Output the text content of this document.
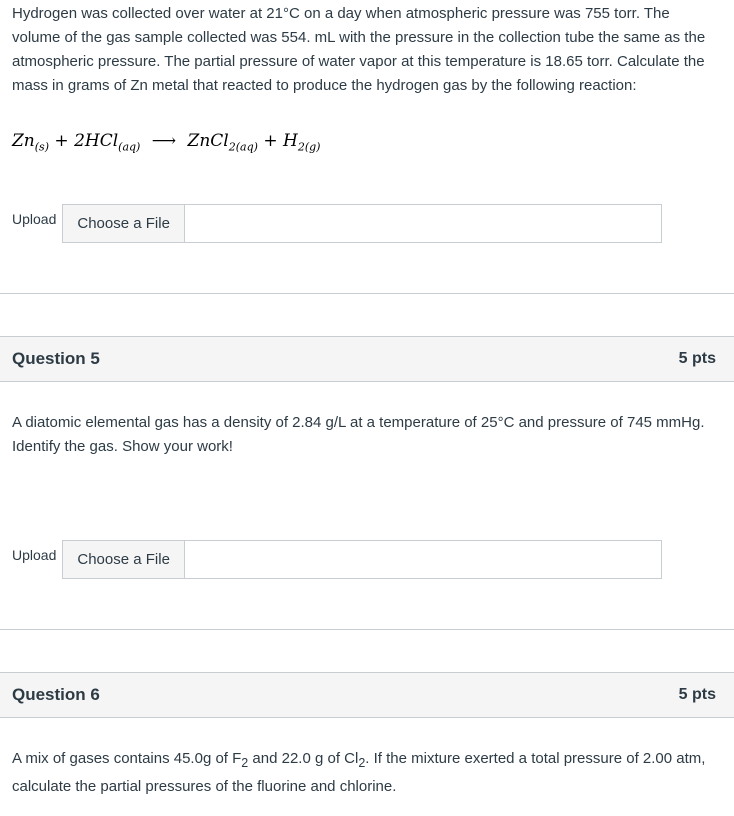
Hydrogen was collected over water at 21°C on a day when atmospheric pressure was 755 torr. The volume of the gas sample collected was 554. mL with the pressure in the collection tube the same as the atmospheric pressure. The partial pressure of water vapor at this temperature is 18.65 torr. Calculate the mass in grams of Zn metal that reacted to produce the hydrogen gas by the following reaction:
$Zn_{(s)} + 2HCl_{(aq)}$ ⟶ ZnCl$_{2(aq)}$ + $H_{2(g)}$
Upload	Choose a File
Question 5	5 pts
A diatomic elemental gas has a density of 2.84 g/L at a temperature of 25°C and pressure of 745 mmHg. Identify the gas. Show your work!
Upload	Choose a File
Question 6	5 pts
A mix of gases contains 45.0g of $F_2$ and 22.0 g of $Cl_2$. If the mixture exerted a total pressure of 2.00 atm, calculate the partial pressures of the fluorine and chlorine.
